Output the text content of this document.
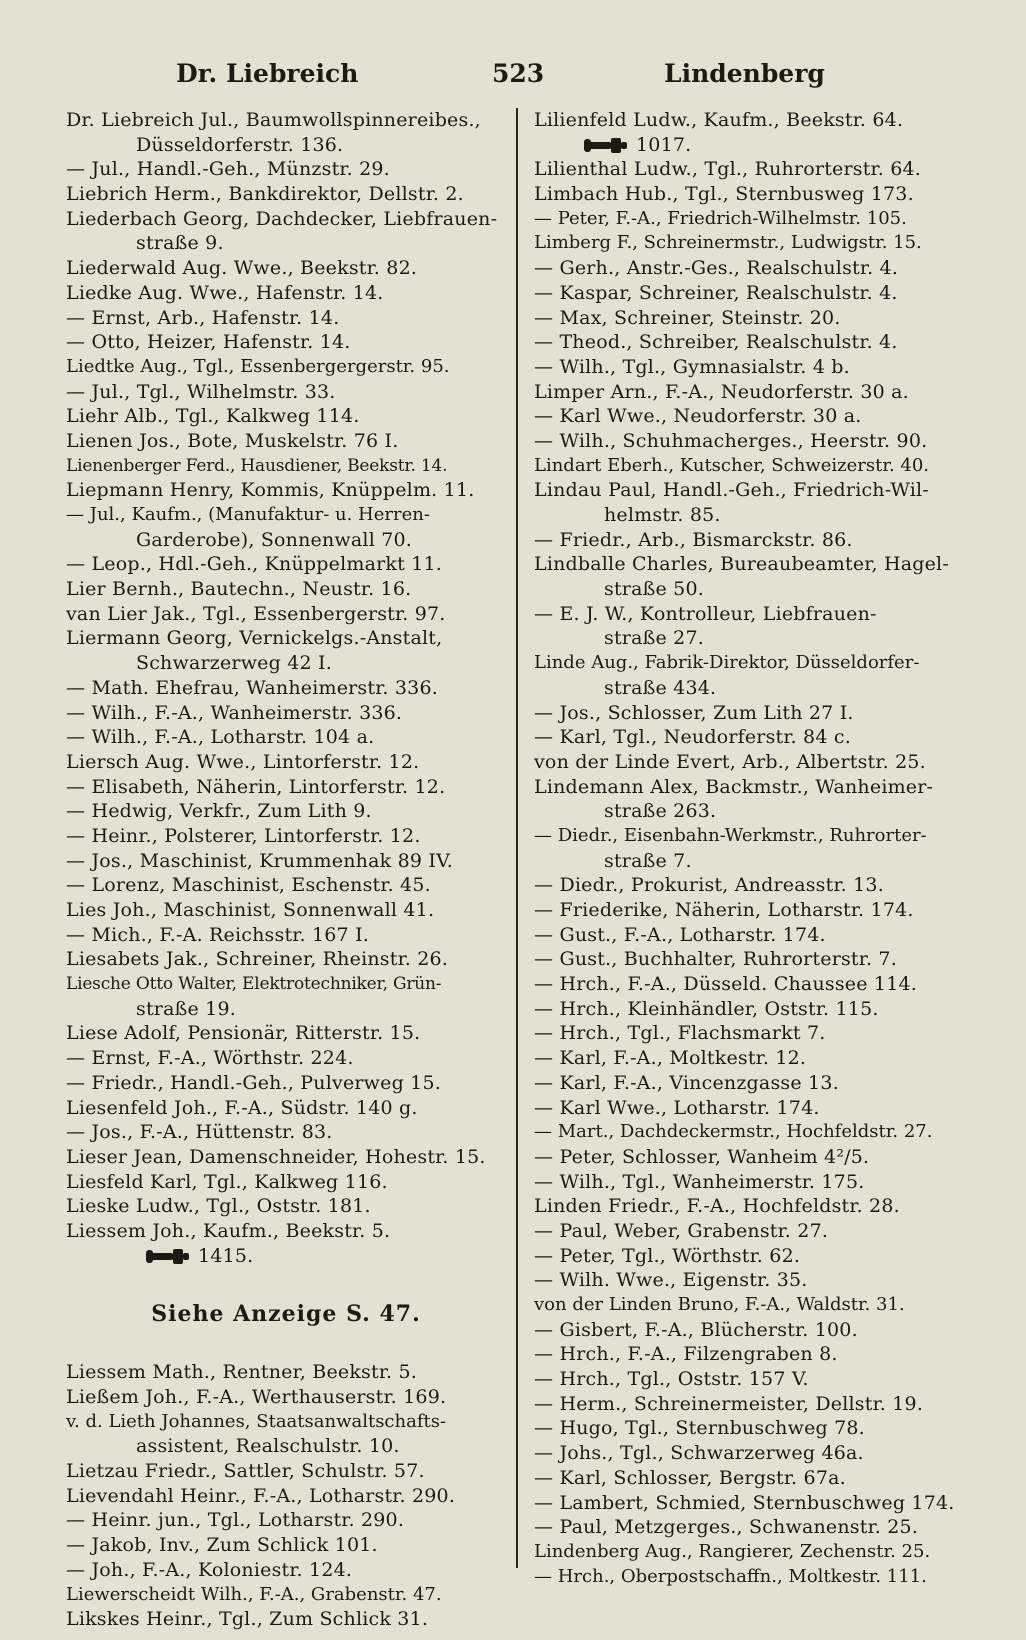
Dr. Liebreich	523	Lindenberg
Dr. Liebreich Jul., Baumwollspinnereibes.,
Düsseldorferstr. 136.
— Jul., Handl.-Geh., Münzstr. 29.
Liebrich Herm., Bankdirektor, Dellstr. 2.
Liederbach Georg, Dachdecker, Liebfrauen-
straße 9.
Liederwald Aug. Wwe., Beekstr. 82.
Liedke Aug. Wwe., Hafenstr. 14.
— Ernst, Arb., Hafenstr. 14.
— Otto, Heizer, Hafenstr. 14.
Liedtke Aug., Tgl., Essenbergergerstr. 95.
— Jul., Tgl., Wilhelmstr. 33.
Liehr Alb., Tgl., Kalkweg 114.
Lienen Jos., Bote, Muskelstr. 76 I.
Lienenberger Ferd., Hausdiener, Beekstr. 14.
Liepmann Henry, Kommis, Knüppelm. 11.
— Jul., Kaufm., (Manufaktur- u. Herren-
Garderobe), Sonnenwall 70.
— Leop., Hdl.-Geh., Knüppelmarkt 11.
Lier Bernh., Bautechn., Neustr. 16.
van Lier Jak., Tgl., Essenbergerstr. 97.
Liermann Georg, Vernickelgs.-Anstalt,
Schwarzerweg 42 I.
— Math. Ehefrau, Wanheimerstr. 336.
— Wilh., F.-A., Wanheimerstr. 336.
— Wilh., F.-A., Lotharstr. 104 a.
Liersch Aug. Wwe., Lintorferstr. 12.
— Elisabeth, Näherin, Lintorferstr. 12.
— Hedwig, Verkfr., Zum Lith 9.
— Heinr., Polsterer, Lintorferstr. 12.
— Jos., Maschinist, Krummenhak 89 IV.
— Lorenz, Maschinist, Eschenstr. 45.
Lies Joh., Maschinist, Sonnenwall 41.
— Mich., F.-A. Reichsstr. 167 I.
Liesabets Jak., Schreiner, Rheinstr. 26.
Liesche Otto Walter, Elektrotechniker, Grün-
straße 19.
Liese Adolf, Pensionär, Ritterstr. 15.
— Ernst, F.-A., Wörthstr. 224.
— Friedr., Handl.-Geh., Pulverweg 15.
Liesenfeld Joh., F.-A., Südstr. 140 g.
— Jos., F.-A., Hüttenstr. 83.
Lieser Jean, Damenschneider, Hohestr. 15.
Liesfeld Karl, Tgl., Kalkweg 116.
Lieske Ludw., Tgl., Oststr. 181.
Liessem Joh., Kaufm., Beekstr. 5.
1415.
Siehe Anzeige S. 47.
Liessem Math., Rentner, Beekstr. 5.
Ließem Joh., F.-A., Werthauserstr. 169.
v. d. Lieth Johannes, Staatsanwaltschafts-
assistent, Realschulstr. 10.
Lietzau Friedr., Sattler, Schulstr. 57.
Lievendahl Heinr., F.-A., Lotharstr. 290.
— Heinr. jun., Tgl., Lotharstr. 290.
— Jakob, Inv., Zum Schlick 101.
— Joh., F.-A., Koloniestr. 124.
Liewerscheidt Wilh., F.-A., Grabenstr. 47.
Likskes Heinr., Tgl., Zum Schlick 31.
Lilienfeld Ludw., Kaufm., Beekstr. 64.
1017.
Lilienthal Ludw., Tgl., Ruhrorterstr. 64.
Limbach Hub., Tgl., Sternbusweg 173.
— Peter, F.-A., Friedrich-Wilhelmstr. 105.
Limberg F., Schreinermstr., Ludwigstr. 15.
— Gerh., Anstr.-Ges., Realschulstr. 4.
— Kaspar, Schreiner, Realschulstr. 4.
— Max, Schreiner, Steinstr. 20.
— Theod., Schreiber, Realschulstr. 4.
— Wilh., Tgl., Gymnasialstr. 4 b.
Limper Arn., F.-A., Neudorferstr. 30 a.
— Karl Wwe., Neudorferstr. 30 a.
— Wilh., Schuhmacherges., Heerstr. 90.
Lindart Eberh., Kutscher, Schweizerstr. 40.
Lindau Paul, Handl.-Geh., Friedrich-Wil-
helmstr. 85.
— Friedr., Arb., Bismarckstr. 86.
Lindballe Charles, Bureaubeamter, Hagel-
straße 50.
— E. J. W., Kontrolleur, Liebfrauen-
straße 27.
Linde Aug., Fabrik-Direktor, Düsseldorfer-
straße 434.
— Jos., Schlosser, Zum Lith 27 I.
— Karl, Tgl., Neudorferstr. 84 c.
von der Linde Evert, Arb., Albertstr. 25.
Lindemann Alex, Backmstr., Wanheimer-
straße 263.
— Diedr., Eisenbahn-Werkmstr., Ruhrorter-
straße 7.
— Diedr., Prokurist, Andreasstr. 13.
— Friederike, Näherin, Lotharstr. 174.
— Gust., F.-A., Lotharstr. 174.
— Gust., Buchhalter, Ruhrorterstr. 7.
— Hrch., F.-A., Düsseld. Chaussee 114.
— Hrch., Kleinhändler, Oststr. 115.
— Hrch., Tgl., Flachsmarkt 7.
— Karl, F.-A., Moltkestr. 12.
— Karl, F.-A., Vincenzgasse 13.
— Karl Wwe., Lotharstr. 174.
— Mart., Dachdeckermstr., Hochfeldstr. 27.
— Peter, Schlosser, Wanheim 4²/5.
— Wilh., Tgl., Wanheimerstr. 175.
Linden Friedr., F.-A., Hochfeldstr. 28.
— Paul, Weber, Grabenstr. 27.
— Peter, Tgl., Wörthstr. 62.
— Wilh. Wwe., Eigenstr. 35.
von der Linden Bruno, F.-A., Waldstr. 31.
— Gisbert, F.-A., Blücherstr. 100.
— Hrch., F.-A., Filzengraben 8.
— Hrch., Tgl., Oststr. 157 V.
— Herm., Schreinermeister, Dellstr. 19.
— Hugo, Tgl., Sternbuschweg 78.
— Johs., Tgl., Schwarzerweg 46a.
— Karl, Schlosser, Bergstr. 67a.
— Lambert, Schmied, Sternbuschweg 174.
— Paul, Metzgerges., Schwanenstr. 25.
Lindenberg Aug., Rangierer, Zechenstr. 25.
— Hrch., Oberpostschaffn., Moltkestr. 111.
